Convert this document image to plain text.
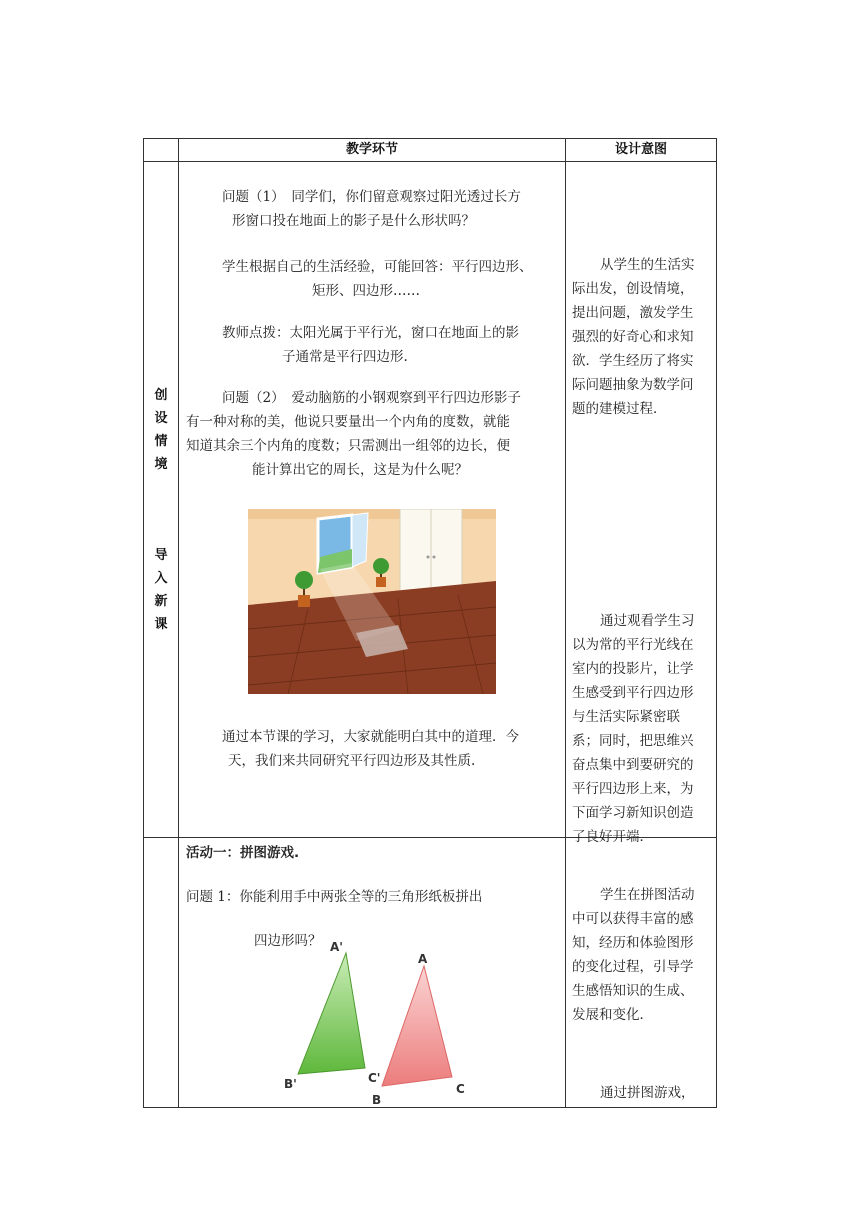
教学环节	设计意图
创
设
情
境
导
入
新
课

问题（1）　同学们，你们留意观察过阳光透过长方

形窗口投在地面上的影子是什么形状吗？

学生根据自己的生活经验，可能回答：平行四边形、

矩形、四边形……

教师点拨：太阳光属于平行光，窗口在地面上的影

子通常是平行四边形.

问题（2）　爱动脑筋的小钢观察到平行四边形影子

有一种对称的美，他说只要量出一个内角的度数，就能

知道其余三个内角的度数；只需测出一组邻的边长，便

能计算出它的周长，这是为什么呢？

通过本节课的学习，大家就能明白其中的道理．今

天，我们来共同研究平行四边形及其性质.

从学生的生活实
际出发，创设情境，
提出问题，激发学生
强烈的好奇心和求知
欲．学生经历了将实
际问题抽象为数学问
题的建模过程．
通过观看学生习
以为常的平行光线在
室内的投影片，让学
生感受到平行四边形
与生活实际紧密联
系；同时，把思维兴
奋点集中到要研究的
平行四边形上来，为
下面学习新知识创造
了良好开端．

活动一：拼图游戏.

问题 1：你能利用手中两张全等的三角形纸板拼出

四边形吗？

学生在拼图活动
中可以获得丰富的感
知，经历和体验图形
的变化过程，引导学
生感悟知识的生成、
发展和变化．
通过拼图游戏，
A'
B'	C'
A
B
C
